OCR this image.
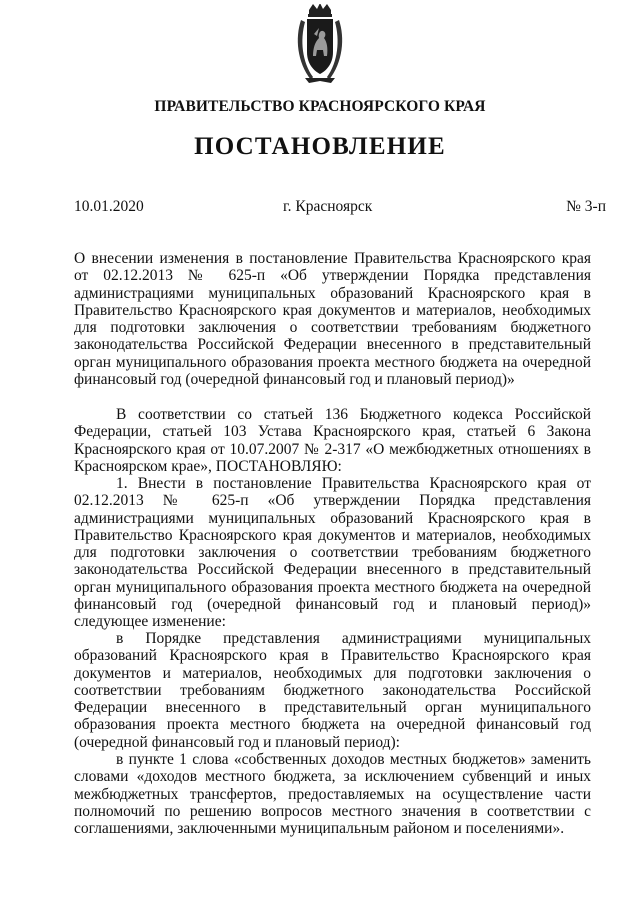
ПРАВИТЕЛЬСТВО КРАСНОЯРСКОГО КРАЯ
ПОСТАНОВЛЕНИЕ
10.01.2020	г. Красноярск	№ 3-п

О внесении изменения в постановление Правительства Красноярского края от 02.12.2013 № 625-п «Об утверждении Порядка представления администрациями муниципальных образований Красноярского края в Правительство Красноярского края документов и материалов, необходимых для подготовки заключения о соответствии требованиям бюджетного законодательства Российской Федерации внесенного в представительный орган муниципального образования проекта местного бюджета на очередной финансовый год (очередной финансовый год и плановый период)»

В соответствии со статьей 136 Бюджетного кодекса Российской Федерации, статьей 103 Устава Красноярского края, статьей 6 Закона Красноярского края от 10.07.2007 № 2-317 «О межбюджетных отношениях в Красноярском крае», ПОСТАНОВЛЯЮ:

1. Внести в постановление Правительства Красноярского края от 02.12.2013 № 625-п «Об утверждении Порядка представления администрациями муниципальных образований Красноярского края в Правительство Красноярского края документов и материалов, необходимых для подготовки заключения о соответствии требованиям бюджетного законодательства Российской Федерации внесенного в представительный орган муниципального образования проекта местного бюджета на очередной финансовый год (очередной финансовый год и плановый период)» следующее изменение:

в Порядке представления администрациями муниципальных образований Красноярского края в Правительство Красноярского края документов и материалов, необходимых для подготовки заключения о соответствии требованиям бюджетного законодательства Российской Федерации внесенного в представительный орган муниципального образования проекта местного бюджета на очередной финансовый год (очередной финансовый год и плановый период):

в пункте 1 слова «собственных доходов местных бюджетов» заменить словами «доходов местного бюджета, за исключением субвенций и иных межбюджетных трансфертов, предоставляемых на осуществление части полномочий по решению вопросов местного значения в соответствии с соглашениями, заключенными муниципальным районом и поселениями».
